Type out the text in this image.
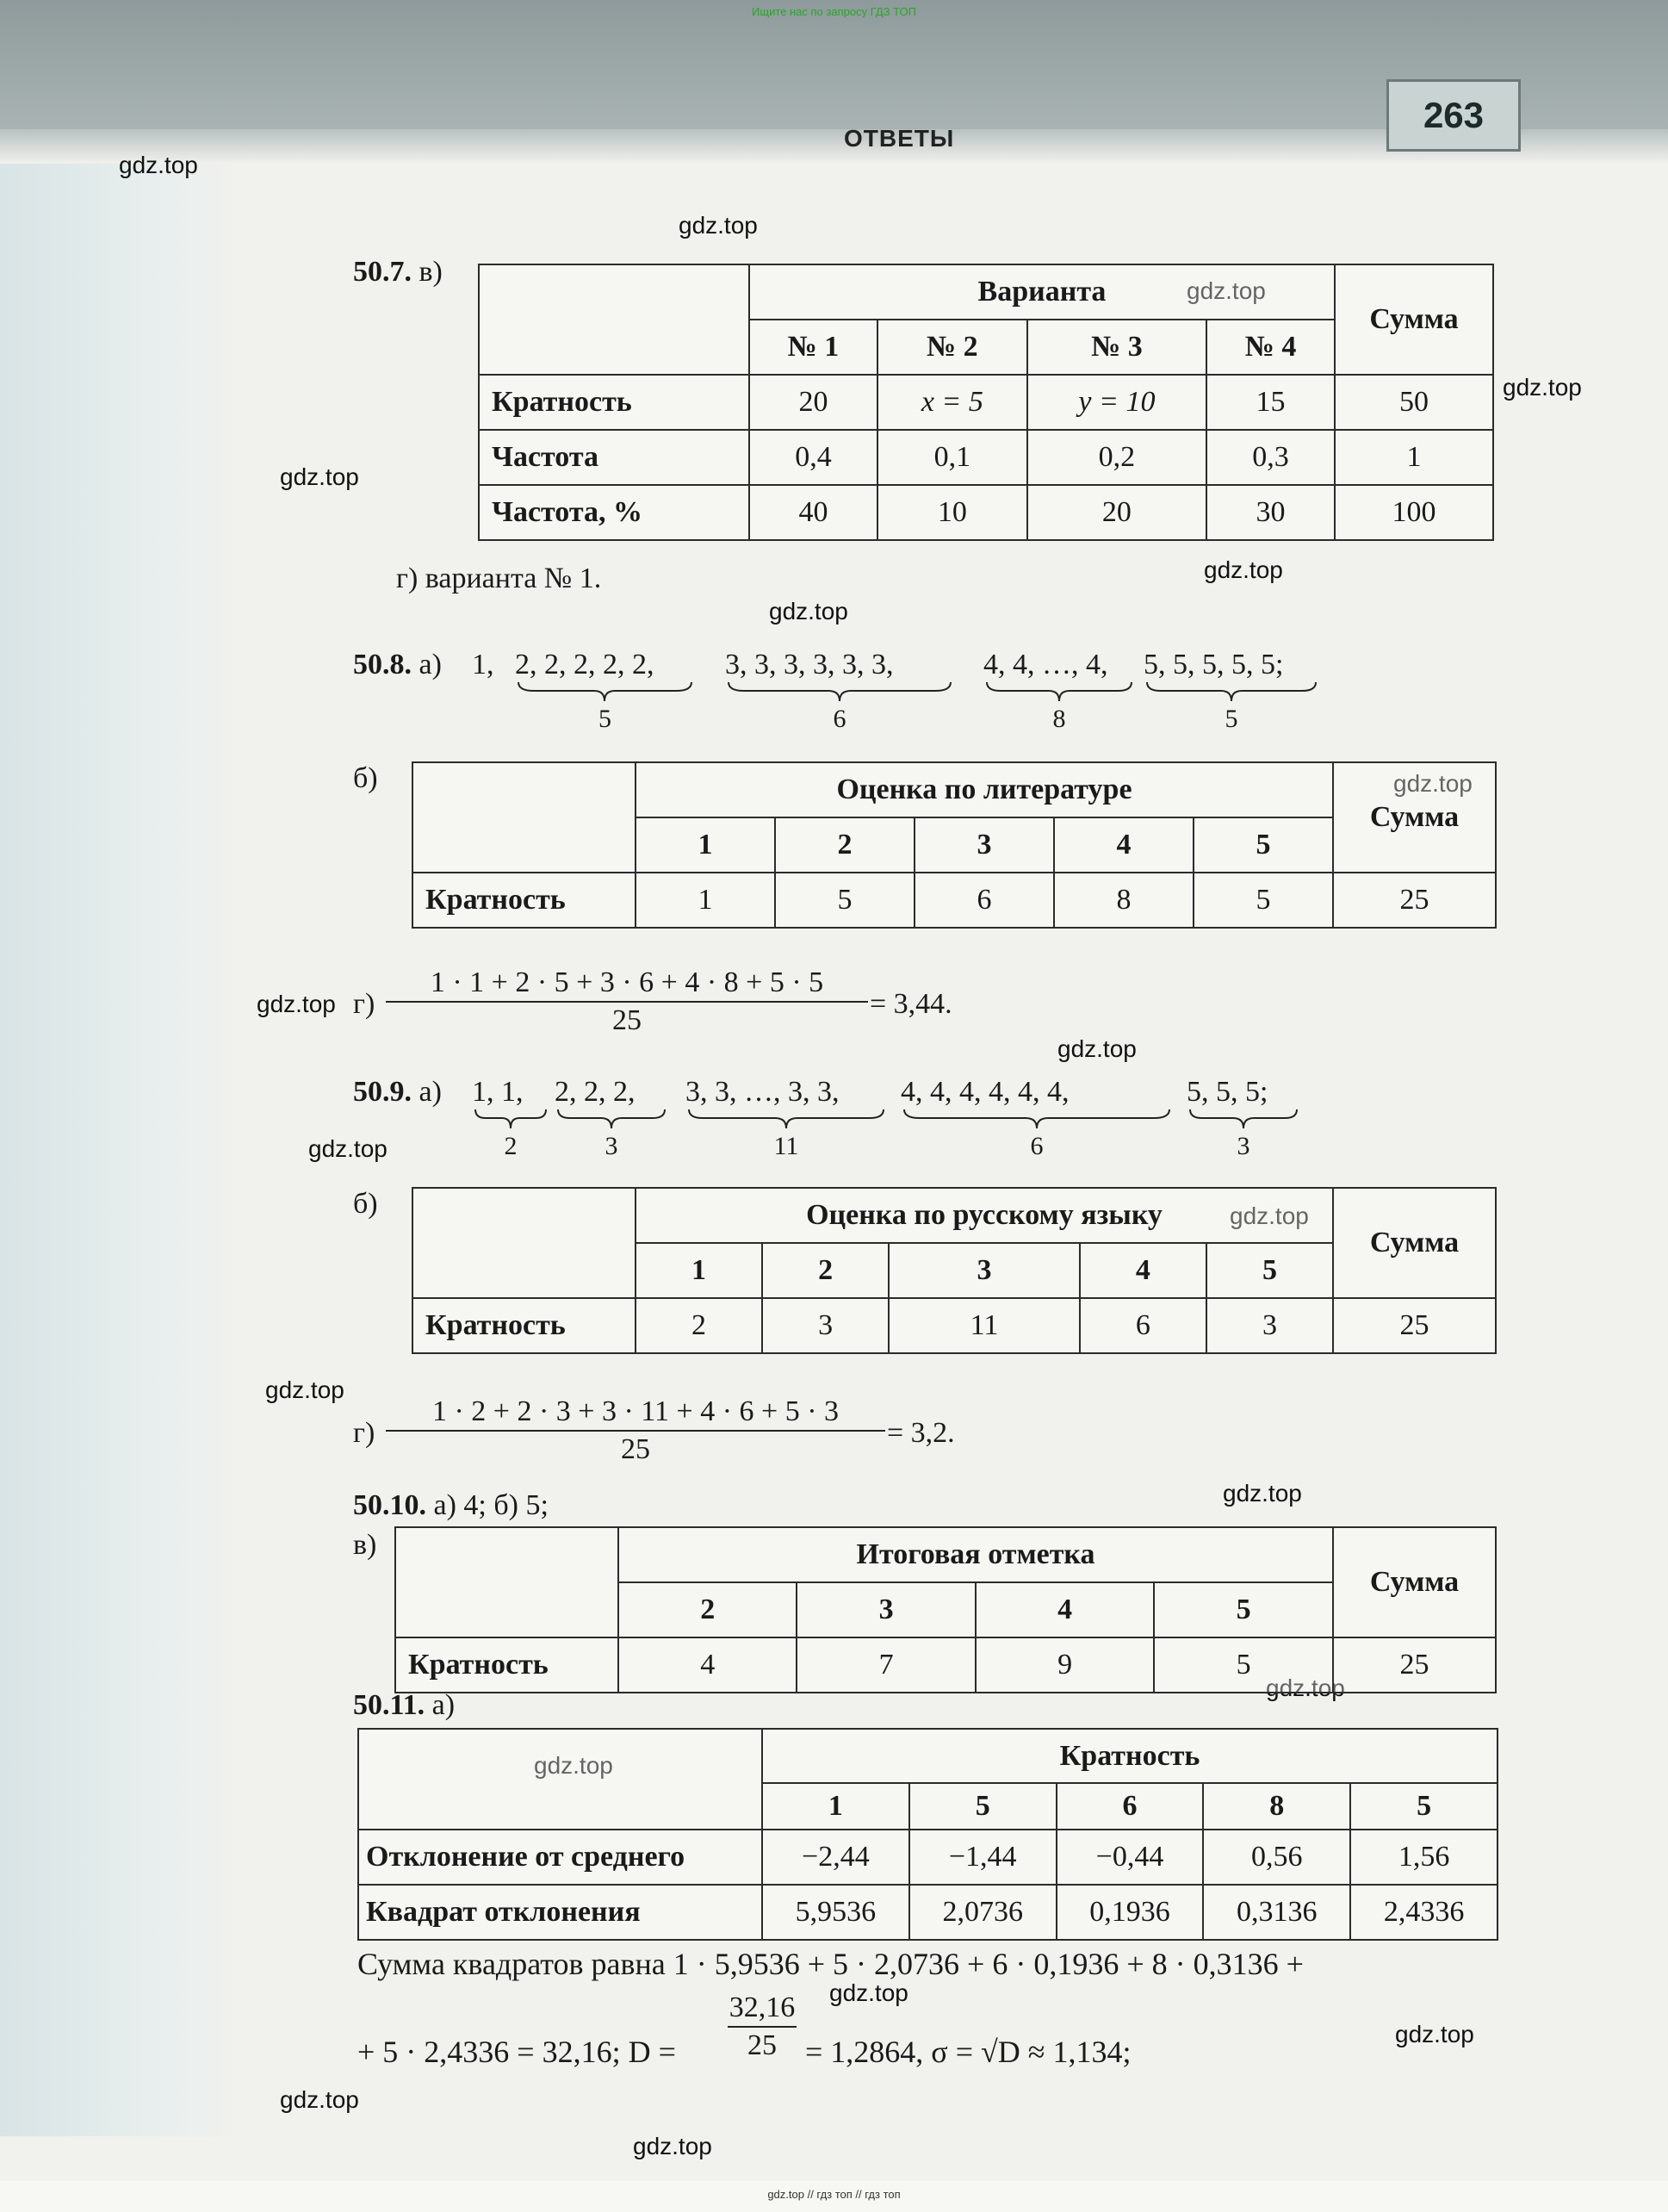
Ищите нас по запросу ГДЗ ТОП
ОТВЕТЫ
263
gdz.top // гдз топ // гдз топ
gdz.top
gdz.top
gdz.top
gdz.top
gdz.top
gdz.top
gdz.top
gdz.top
gdz.top
gdz.top
gdz.top
gdz.top
gdz.top
gdz.top
gdz.top
gdz.top
gdz.top
gdz.top
gdz.top
gdz.top
50.7. в)
	Варианта				Сумма
	№ 1	№ 2	№ 3	№ 4	
Кратность	20	x = 5	y = 10	15	50
Частота	0,4	0,1	0,2	0,3	1
Частота, %	40	10	20	30	100
г) варианта № 1.
50.8. а) 1, 2, 2, 2, 2, 2, 3, 3, 3, 3, 3, 3,	4, 4, …, 4, 5, 5, 5, 5, 5;
5	6	8	5
б)
		Оценка по литературе					Сумма
	1	2	3	4	5	
Кратность	1	5	6	8	5	25
г)
1 · 1 + 2 · 5 + 3 · 6 + 4 · 8 + 5 · 5
25
= 3,44.
50.9. а) 1, 1, 2, 2, 2, 3, 3, …, 3, 3, 4, 4, 4, 4, 4, 4,	5, 5, 5;
2	3	11	6	3
б)
		Оценка по русскому языку					Сумма
	1	2	3	4	5	
Кратность	2	3	11	6	3	25
г)
1 · 2 + 2 · 3 + 3 · 11 + 4 · 6 + 5 · 3
25
= 3,2.
50.10. а) 4; б) 5;
в)
		Итоговая отметка				Сумма
	2	3	4	5	
Кратность	4	7	9	5	25
50.11. а)
	Кратность				
	1	5	6	8	5
Отклонение от среднего	−2,44	−1,44	−0,44	0,56	1,56
Квадрат отклонения	5,9536	2,0736	0,1936	0,3136	2,4336
Сумма квадратов равна 1 · 5,9536 + 5 · 2,0736 + 6 · 0,1936 + 8 · 0,3136 +
+ 5 · 2,4336 = 32,16; D =
32,16
25 = 1,2864, σ = √D ≈ 1,134;
